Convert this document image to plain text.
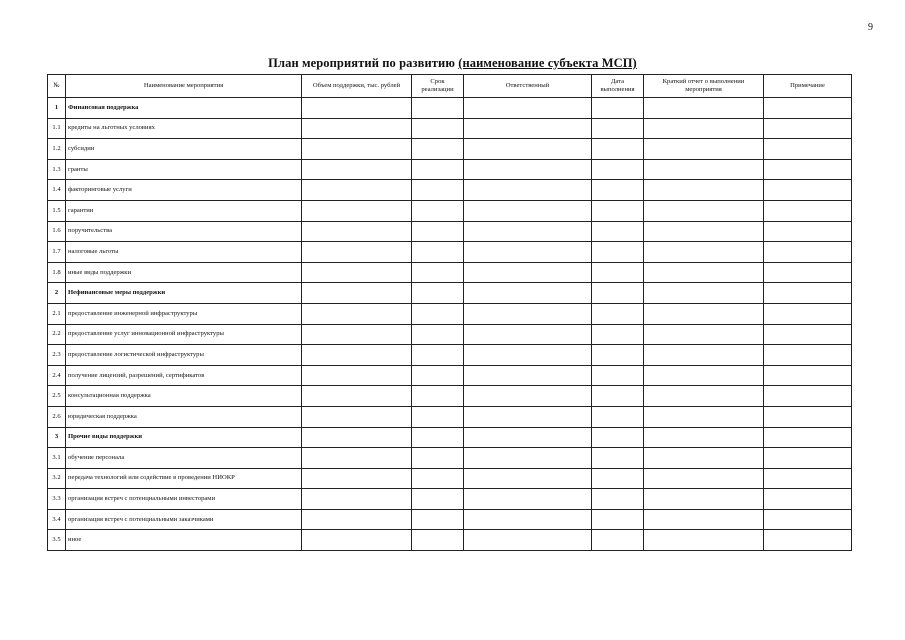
9
План мероприятий по развитию (наименование субъекта МСП)
№	Наименование мероприятия	Объем поддержки, тыс. рублей	Срок реализации	Ответственный	Дата выполнения	Краткий отчет о выполнении мероприятия	Примечание
1	Финансовая поддержка						
1.1	кредиты на льготных условиях						
1.2	субсидии						
1.3	гранты						
1.4	факторинговые услуги						
1.5	гарантии						
1.6	поручительства						
1.7	налоговые льготы						
1.8	иные виды поддержки						
2	Нефинансовые меры поддержки						
2.1	предоставление инженерной инфраструктуры						
2.2	предоставление услуг инновационной инфраструктуры						
2.3	предоставление логистической инфраструктуры						
2.4	получение лицензий, разрешений, сертификатов						
2.5	консультационная поддержка						
2.6	юридическая поддержка						
3	Прочие виды поддержки						
3.1	обучение персонала						
3.2	передача технологий или содействие в проведении НИОКР						
3.3	организация встреч с потенциальными инвесторами						
3.4	организация встреч с потенциальными заказчиками						
3.5	иное						
